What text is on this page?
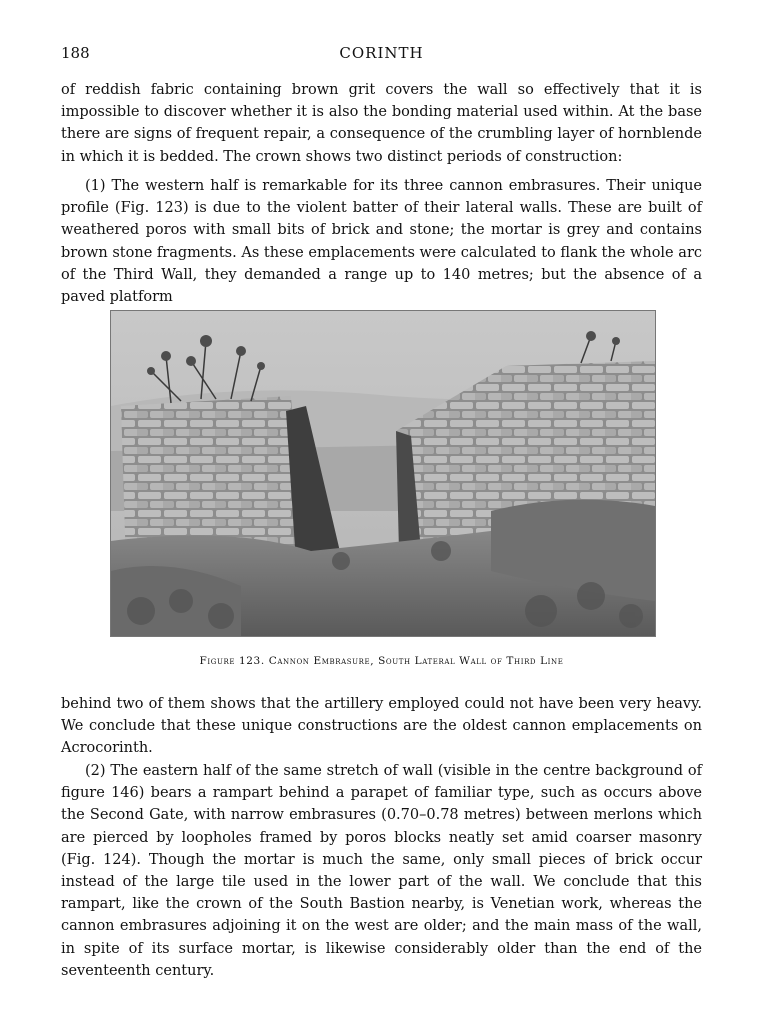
188	CORINTH

of reddish fabric containing brown grit covers the wall so effectively that it is impossible to discover whether it is also the bonding material used within. At the base there are signs of frequent repair, a consequence of the crumbling layer of hornblende in which it is bedded. The crown shows two distinct periods of construction:

(1) The western half is remarkable for its three cannon embrasures. Their unique profile (Fig. 123) is due to the violent batter of their lateral walls. These are built of weathered poros with small bits of brick and stone; the mortar is grey and contains brown stone fragments. As these emplacements were calculated to flank the whole arc of the Third Wall, they demanded a range up to 140 metres; but the absence of a paved platform

Figure 123. Cannon Embrasure, South Lateral Wall of Third Line

behind two of them shows that the artillery employed could not have been very heavy. We conclude that these unique constructions are the oldest cannon emplacements on Acrocorinth.

(2) The eastern half of the same stretch of wall (visible in the centre background of figure 146) bears a rampart behind a parapet of familiar type, such as occurs above the Second Gate, with narrow embrasures (0.70–0.78 metres) between merlons which are pierced by loopholes framed by poros blocks neatly set amid coarser masonry (Fig. 124). Though the mortar is much the same, only small pieces of brick occur instead of the large tile used in the lower part of the wall. We conclude that this rampart, like the crown of the South Bastion nearby, is Venetian work, whereas the cannon embrasures adjoining it on the west are older; and the main mass of the wall, in spite of its surface mortar, is likewise considerably older than the end of the seventeenth century.
